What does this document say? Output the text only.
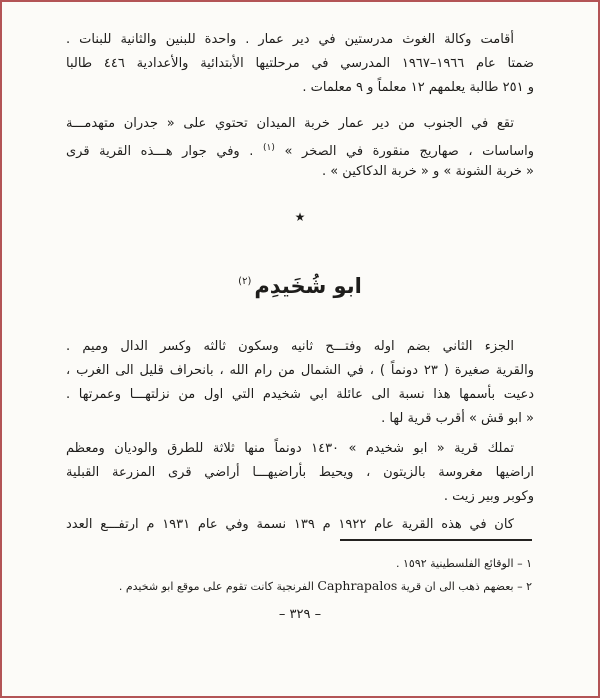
أقامت وكالة الغوث مدرستين في دير عمار . واحدة للبنين والثانية للبنات .
ضمتا عام ١٩٦٦–١٩٦٧ المدرسي في مرحلتيها الأبتدائية والأعدادية ٤٤٦ طالبا
و ٢٥١ طالبة يعلمهم ١٢ معلماً و ٩ معلمات .
تقع في الجنوب من دير عمار خربة الميدان تحتوي على « جدران متهدمـــة
واساسات ، صهاريج منقورة في الصخر » $^{(١)}$ . وفي جوار هـــذه القرية قرى
« خربة الشونة » و « خربة الدكاكين » .
★
ابو شُخَيدِم$^{(٢)}$
الجزء الثاني بضم اوله وفتـــح ثانيه وسكون ثالثه وكسر الدال وميم .
والقرية صغيرة ( ٢٣ دونماً ) ، في الشمال من رام الله ، بانحراف قليل الى الغرب ،
دعيت بأسمها هذا نسبة الى عائلة ابي شخيدم التي اول من نزلتهـــا وعمرتها .
« ابو قش » أقرب قرية لها .
تملك قرية « ابو شخيدم » ١٤٣٠ دونماً منها ثلاثة للطرق والوديان ومعظم
اراضيها مغروسة بالزيتون ، ويحيط بأراضيهـــا أراضي قرى المزرعة القبلية
وكوبر وبير زيت .
كان في هذه القرية عام ١٩٢٢ م ١٣٩ نسمة وفي عام ١٩٣١ م ارتفـــع العدد
١ – الوقائع الفلسطينية ١٥٩٢ .
٢ – بعضهم ذهب الى ان قرية Caphrapalos الفرنجية كانت تقوم على موقع ابو شخيدم .
– ٣٢٩ –
